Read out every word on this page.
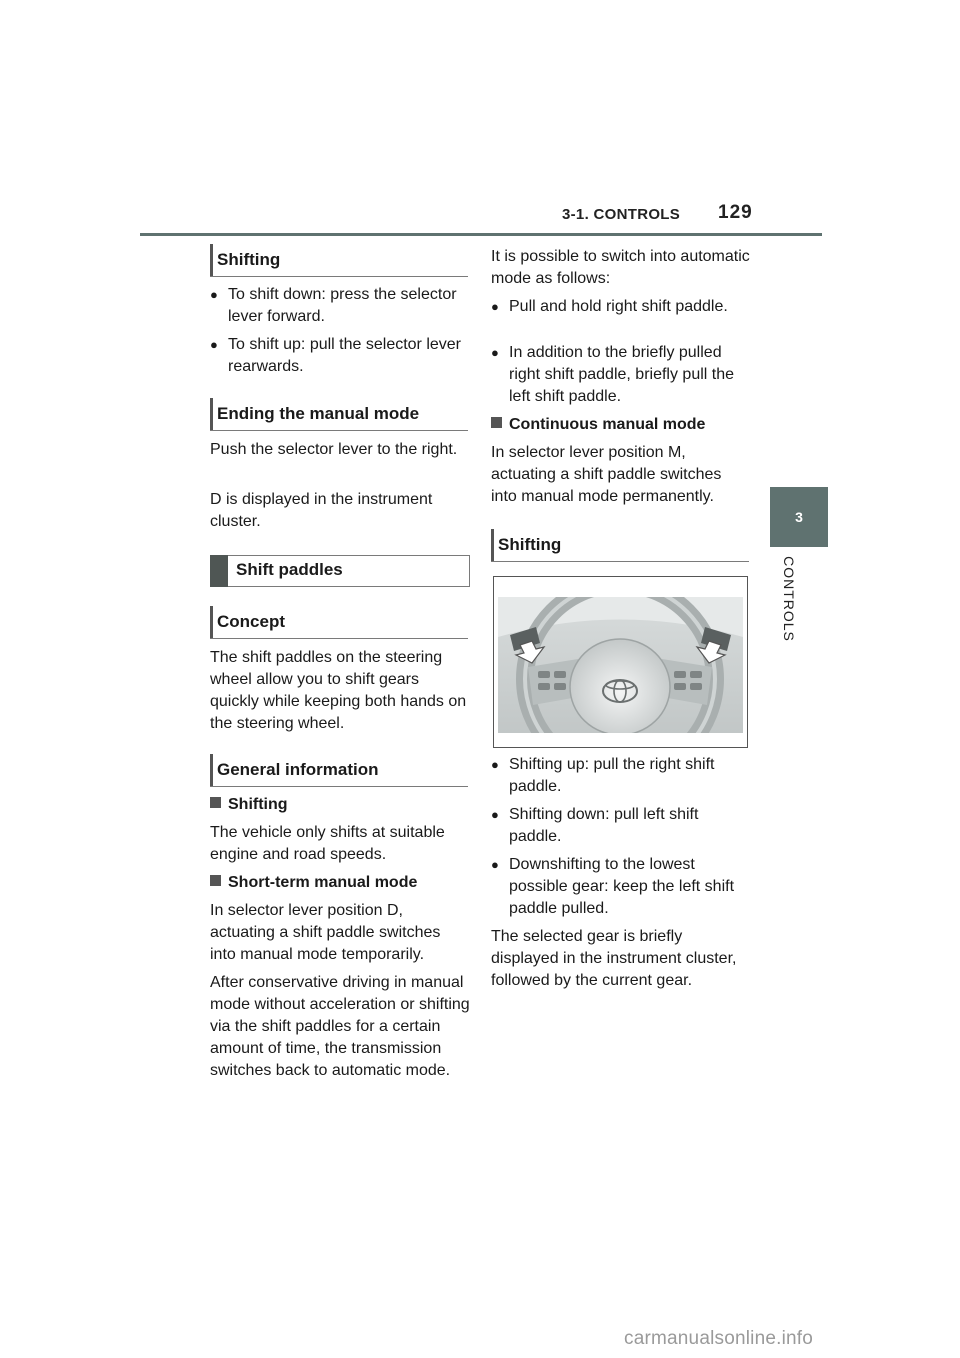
3-1. CONTROLS 129
3
CONTROLS
Shifting
● To shift down: press the selector lever forward.
● To shift up: pull the selector lever rearwards.
Ending the manual mode
Push the selector lever to the right.
D is displayed in the instrument cluster.
Shift paddles
Concept
The shift paddles on the steering wheel allow you to shift gears quickly while keeping both hands on the steering wheel.
General information
Shifting
The vehicle only shifts at suitable engine and road speeds.
Short-term manual mode
In selector lever position D, actuating a shift paddle switches into manual mode temporarily.
After conservative driving in manual mode without acceleration or shifting via the shift paddles for a certain amount of time, the transmission switches back to automatic mode.
It is possible to switch into automatic mode as follows:
● Pull and hold right shift paddle.
● In addition to the briefly pulled right shift paddle, briefly pull the left shift paddle.
Continuous manual mode
In selector lever position M, actuating a shift paddle switches into manual mode permanently.
Shifting
● Shifting up: pull the right shift paddle.
● Shifting down: pull left shift paddle.
● Downshifting to the lowest possible gear: keep the left shift paddle pulled.
The selected gear is briefly displayed in the instrument cluster, followed by the current gear.
carmanualsonline.info
